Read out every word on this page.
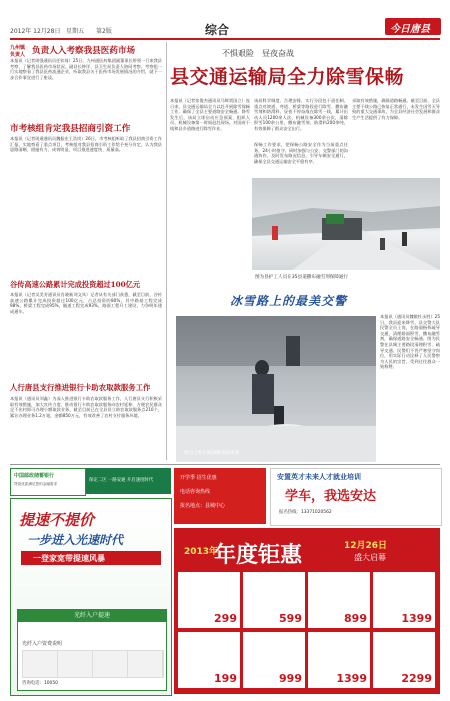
2012年 12月28日 星期五 第2版	综合	今日唐县
九州镇
负责人 负责人入考察我县医药市场
本报讯（记者周强通讯员任钦琦）25日，九州通医药集团副董事长带领一行来我县考察，了解我县医药市场状况。副县长钟洋、县卫生局负责人陪同考察。考察组一行实地察看了我县医药流通企业，听取我县关于医药市场发展情况的介绍，就下一步合作事宜进行了座谈。
市考核组肯定我县招商引资工作
本报讯（记者周通通讯员魏振宏王浩岗）26日，市考核组听取了我县招商引资工作汇报，实地察看了重点项目，考核组对我县招商引资工作给予充分肯定，认为我县思路清晰、措施有力、成效明显，项目推进速度快、质量高。
谷传高速公路累计完成投资超过100亿元
本报讯（记者吴美芳通讯员肖晓新刘文凤）记者从有关部门获悉，截至目前，谷传高速公路累计完成投资超过100亿元，占总投资的80%，其中路基工程完成98%，桥梁工程完成95%，隧道工程完成93%，路面工程开工建设，力争明年建成通车。
人行唐县支行推进银行卡助农取款服务工作
本报讯（通讯员刘鑫）为深入推进银行卡助农取款服务工作，人行唐县支行积极采取有效措施，加大宣传力度，推动银行卡助农取款服务向农村延伸，方便农民群众足不出村即可办理小额取款业务，截至目前已在全县设立助农取款服务点210个，累计办理业务1.2万笔，金额850万元，有效改善了农村支付服务环境。
不惧艰险　昼夜奋战
县交通运输局全力除雪保畅
本报讯（记者张俊杰通讯员马辉贾国立）连日来，县交通运输局全力以赴开展除雪保畅工作，确保了全县主要道路安全畅通。降雪发生后，该局立即启动应急预案，组织人员、机械设备第一时间赶赴现场，对国省干线和县乡道路进行除雪作业。
该局科学调度、合理安排，实行分段包干责任制，重点对坡道、弯道、桥梁等路段进行除雪、撒布融雪剂和防滑料，昼夜不停奋战在除雪一线，累计出动人员1200余人次、机械设备300余台次，清除积雪100余公里，撒布融雪剂、防滑料200余吨，有效保障了群众安全出行。
保畅工作要求，把保畅公路安全作为当前重点任务，24小时值守。同时加强与公安、交警部门的沟通协作，及时发布路况信息，引导车辆安全通行，确保全县交通运输安全平稳有序。
采取有效措施，确保道路畅通。截至目前，全县主要干线公路已恢复正常通行，未发生因雪天导致的重大交通事故，为全县经济社会发展和群众生产生活提供了有力保障。
图为县护工人员在35县道撒布融雪剂保障通行
冰雪路上的最美交警
图为交警在路面撒布除冰剂
本报讯（通讯员魏敏杜永胜）25日，我县迎来降雪，县交警大队民警全员上岗，在路面指挥疏导交通，清理路面积雪，撒布融雪剂，确保道路安全畅通。图为民警在县城主要路段清理积雪、疏导交通。民警们不畏严寒坚守岗位，用实际行动诠释了人民警察为人民的宗旨，受到过往群众一致称赞。
中国邮政储蓄银行
贷款优质满足您的金融需求
保定二区 一路安通 开启速度时代	开学季 招生优惠
电话咨询热线
报名地点：县城中心
安置英才未来人才就业培训
学车，我选安达
报名热线：13371020562
提速不提价
一步进入光速时代
一登家宽带提速风暴
光纤入户提速
光纤入户资费说明
咨询电话：10050
2013年
年度钜惠	12月26日
盛大启幕
299	599	899	1399
199	999	1399	2299
